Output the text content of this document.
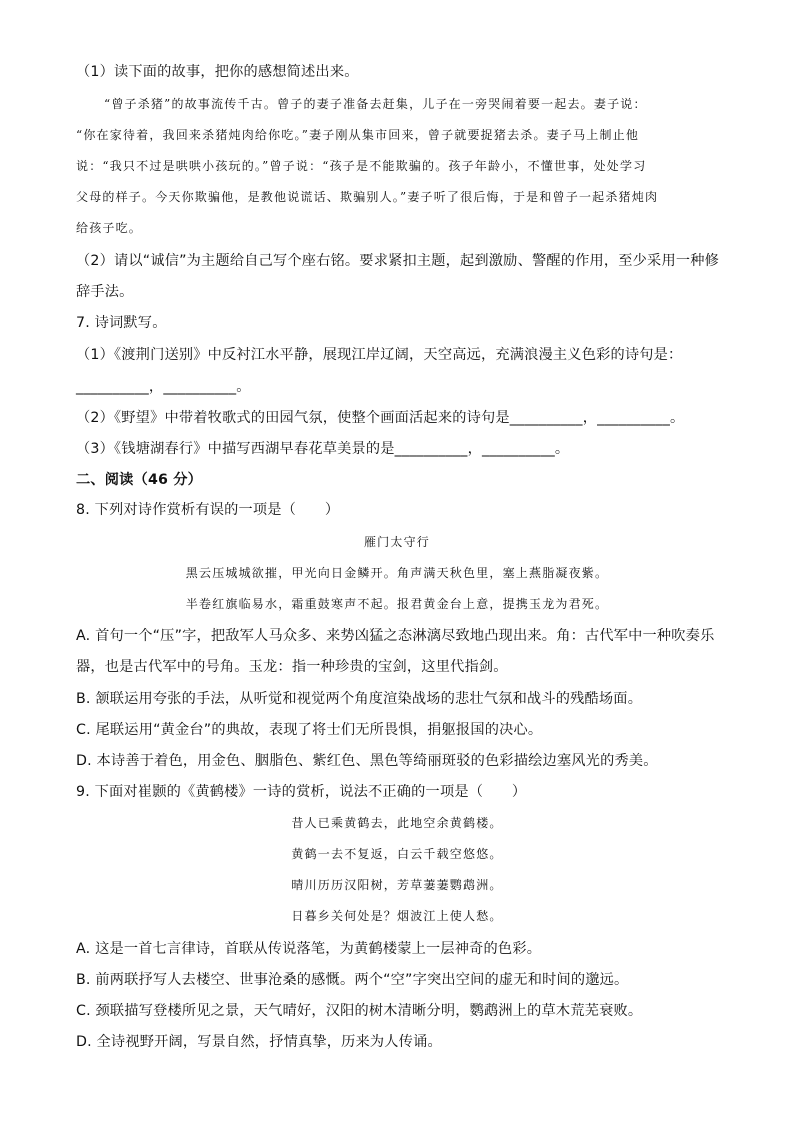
（1）读下面的故事，把你的感想简述出来。
“曾子杀猪”的故事流传千古。曾子的妻子准备去赶集，儿子在一旁哭闹着要一起去。妻子说：
“你在家待着，我回来杀猪炖肉给你吃。”妻子刚从集市回来，曾子就要捉猪去杀。妻子马上制止他
说：“我只不过是哄哄小孩玩的。”曾子说：“孩子是不能欺骗的。孩子年龄小，不懂世事，处处学习
父母的样子。今天你欺骗他，是教他说谎话、欺骗别人。”妻子听了很后悔，于是和曾子一起杀猪炖肉
给孩子吃。
（2）请以“诚信”为主题给自己写个座右铭。要求紧扣主题，起到激励、警醒的作用，至少采用一种修
辞手法。
7. 诗词默写。
（1）《渡荆门送别》中反衬江水平静，展现江岸辽阔，天空高远，充满浪漫主义色彩的诗句是：
__________，__________。
（2）《野望》中带着牧歌式的田园气氛，使整个画面活起来的诗句是__________，__________。
（3）《钱塘湖春行》中描写西湖早春花草美景的是__________，__________。
二、阅读（46 分）
8. 下列对诗作赏析有误的一项是（　　）
雁门太守行
黑云压城城欲摧，甲光向日金鳞开。角声满天秋色里，塞上燕脂凝夜紫。
半卷红旗临易水，霜重鼓寒声不起。报君黄金台上意，提携玉龙为君死。
A. 首句一个“压”字，把敌军人马众多、来势凶猛之态淋漓尽致地凸现出来。角：古代军中一种吹奏乐
器，也是古代军中的号角。玉龙：指一种珍贵的宝剑，这里代指剑。
B. 颔联运用夸张的手法，从听觉和视觉两个角度渲染战场的悲壮气氛和战斗的残酷场面。
C. 尾联运用“黄金台”的典故，表现了将士们无所畏惧，捐躯报国的决心。
D. 本诗善于着色，用金色、胭脂色、紫红色、黑色等绮丽斑驳的色彩描绘边塞风光的秀美。
9. 下面对崔颢的《黄鹤楼》一诗的赏析，说法不正确的一项是（　　）
昔人已乘黄鹤去，此地空余黄鹤楼。
黄鹤一去不复返，白云千载空悠悠。
晴川历历汉阳树，芳草萋萋鹦鹉洲。
日暮乡关何处是？烟波江上使人愁。
A. 这是一首七言律诗，首联从传说落笔，为黄鹤楼蒙上一层神奇的色彩。
B. 前两联抒写人去楼空、世事沧桑的感慨。两个“空”字突出空间的虚无和时间的邈远。
C. 颈联描写登楼所见之景，天气晴好，汉阳的树木清晰分明，鹦鹉洲上的草木荒芜衰败。
D. 全诗视野开阔，写景自然，抒情真挚，历来为人传诵。
